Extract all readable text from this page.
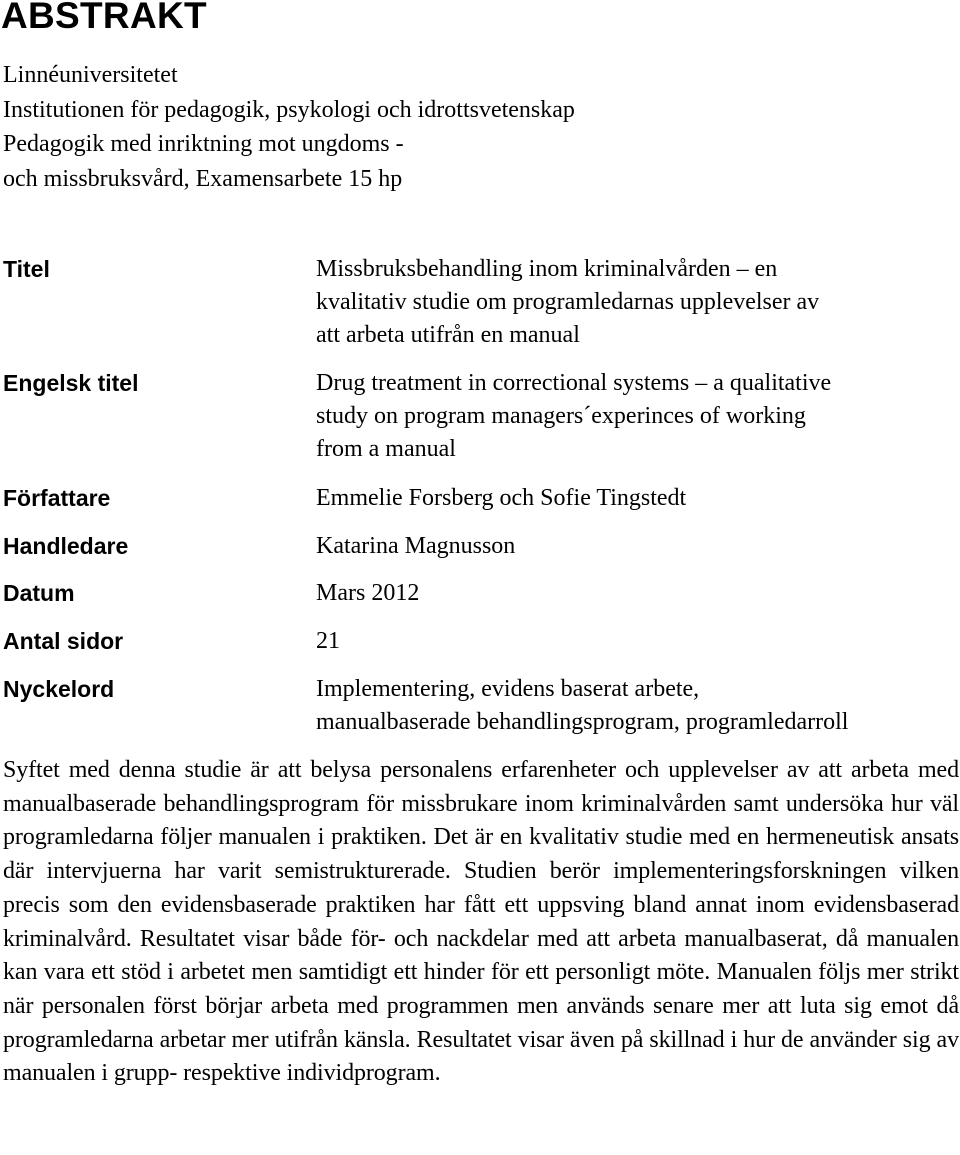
ABSTRAKT
Linnéuniversitetet
Institutionen för pedagogik, psykologi och idrottsvetenskap
Pedagogik med inriktning mot ungdoms -
och missbruksvård, Examensarbete 15 hp
Titel	Missbruksbehandling inom kriminalvården – en
kvalitativ studie om programledarnas upplevelser av
att arbeta utifrån en manual
Engelsk titel	Drug treatment in correctional systems – a qualitative
study on program managers´experinces of working
from a manual
Författare	Emmelie Forsberg och Sofie Tingstedt
Handledare	Katarina Magnusson
Datum	Mars 2012
Antal sidor	21
Nyckelord	Implementering, evidens baserat arbete,
manualbaserade behandlingsprogram, programledarroll

Syftet med denna studie är att belysa personalens erfarenheter och upplevelser av att arbeta med manualbaserade behandlingsprogram för missbrukare inom kriminalvården samt undersöka hur väl programledarna följer manualen i praktiken. Det är en kvalitativ studie med en hermeneutisk ansats där intervjuerna har varit semistrukturerade. Studien berör implementeringsforskningen vilken precis som den evidensbaserade praktiken har fått ett uppsving bland annat inom evidensbaserad kriminalvård. Resultatet visar både för- och nackdelar med att arbeta manualbaserat, då manualen kan vara ett stöd i arbetet men samtidigt ett hinder för ett personligt möte. Manualen följs mer strikt när personalen först börjar arbeta med programmen men används senare mer att luta sig emot då programledarna arbetar mer utifrån känsla. Resultatet visar även på skillnad i hur de använder sig av manualen i grupp- respektive individprogram.
